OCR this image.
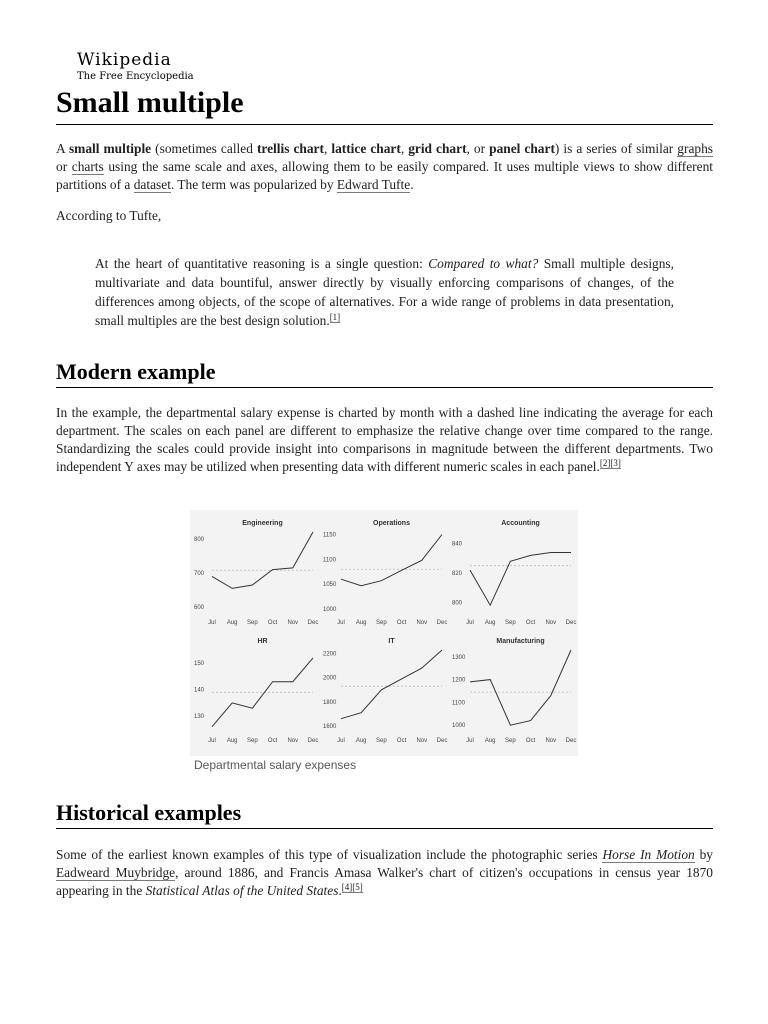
Wikipedia
The Free Encyclopedia
Small multiple

A small multiple (sometimes called trellis chart, lattice chart, grid chart, or panel chart) is a series of similar graphs or charts using the same scale and axes, allowing them to be easily compared. It uses multiple views to show different partitions of a dataset. The term was popularized by Edward Tufte.

According to Tufte,

At the heart of quantitative reasoning is a single question: Compared to what? Small multiple designs, multivariate and data bountiful, answer directly by visually enforcing comparisons of changes, of the differences among objects, of the scope of alternatives. For a wide range of problems in data presentation, small multiples are the best design solution.[1]

Modern example

In the example, the departmental salary expense is charted by month with a dashed line indicating the average for each department. The scales on each panel are different to emphasize the relative change over time compared to the range. Standardizing the scales could provide insight into comparisons in magnitude between the different departments. Two independent Y axes may be utilized when presenting data with different numeric scales in each panel.[2][3]

Engineering
600
700
800
Jul Aug Sep Oct Nov Dec
Operations
1000
1050
1100
1150
Jul Aug Sep Oct Nov Dec
Accounting
800
820
840
Jul Aug Sep Oct Nov Dec
HR
130
140
150
Jul Aug Sep Oct Nov Dec
IT
1600
1800
2000
2200
Jul Aug Sep Oct Nov Dec
Manufacturing
1000
1100
1200
1300
Jul Aug Sep Oct Nov Dec
Departmental salary expenses
Historical examples

Some of the earliest known examples of this type of visualization include the photographic series Horse In Motion by Eadweard Muybridge, around 1886, and Francis Amasa Walker's chart of citizen's occupations in census year 1870 appearing in the Statistical Atlas of the United States.[4][5]
